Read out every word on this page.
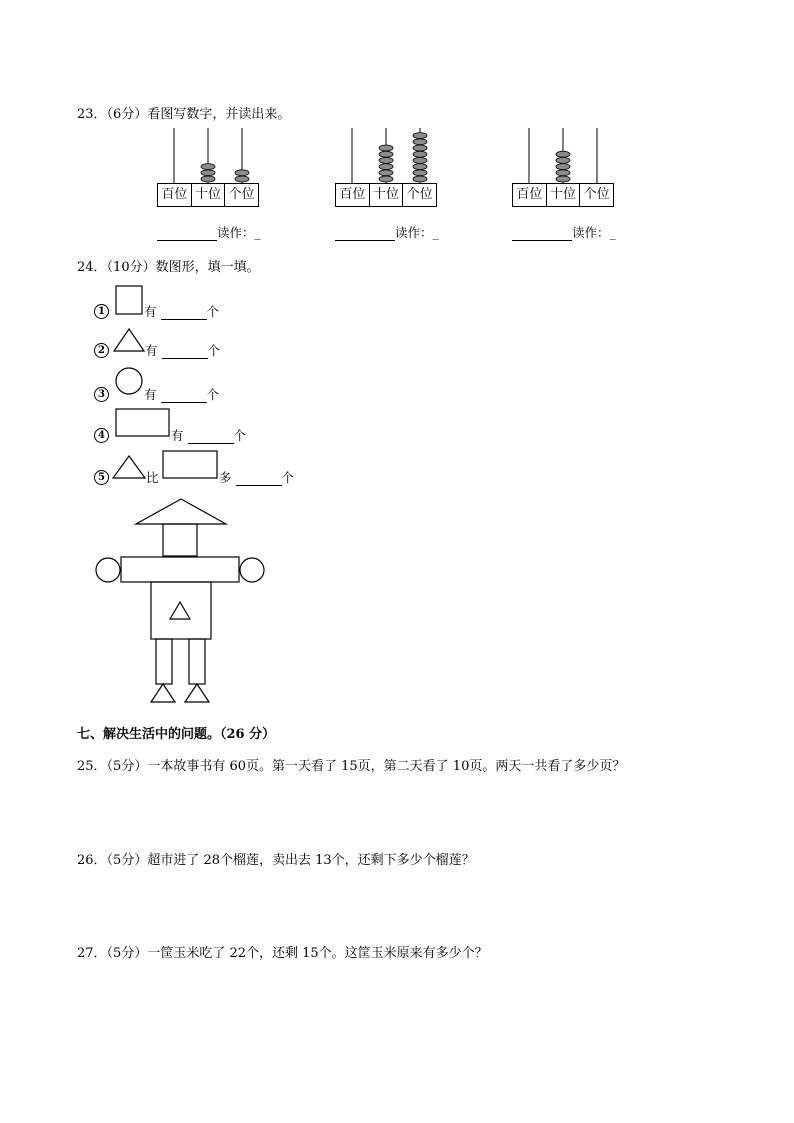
23．（6分）看图写数字，并读出来。
百位 十位 个位	百位 十位 个位	百位 十位 个位
读作：_	读作：_	读作：_
24．（10分）数图形，填一填。
1	有	个
2	有	个
3	有	个
4	有	个
5	比	多	个
七、解决生活中的问题。（26 分）
25．（5分）一本故事书有 60页。第一天看了 15页，第二天看了 10页。两天一共看了多少页？
26．（5分）超市进了 28个榴莲，卖出去 13个，还剩下多少个榴莲？
27．（5分）一筐玉米吃了 22个，还剩 15个。这筐玉米原来有多少个？
